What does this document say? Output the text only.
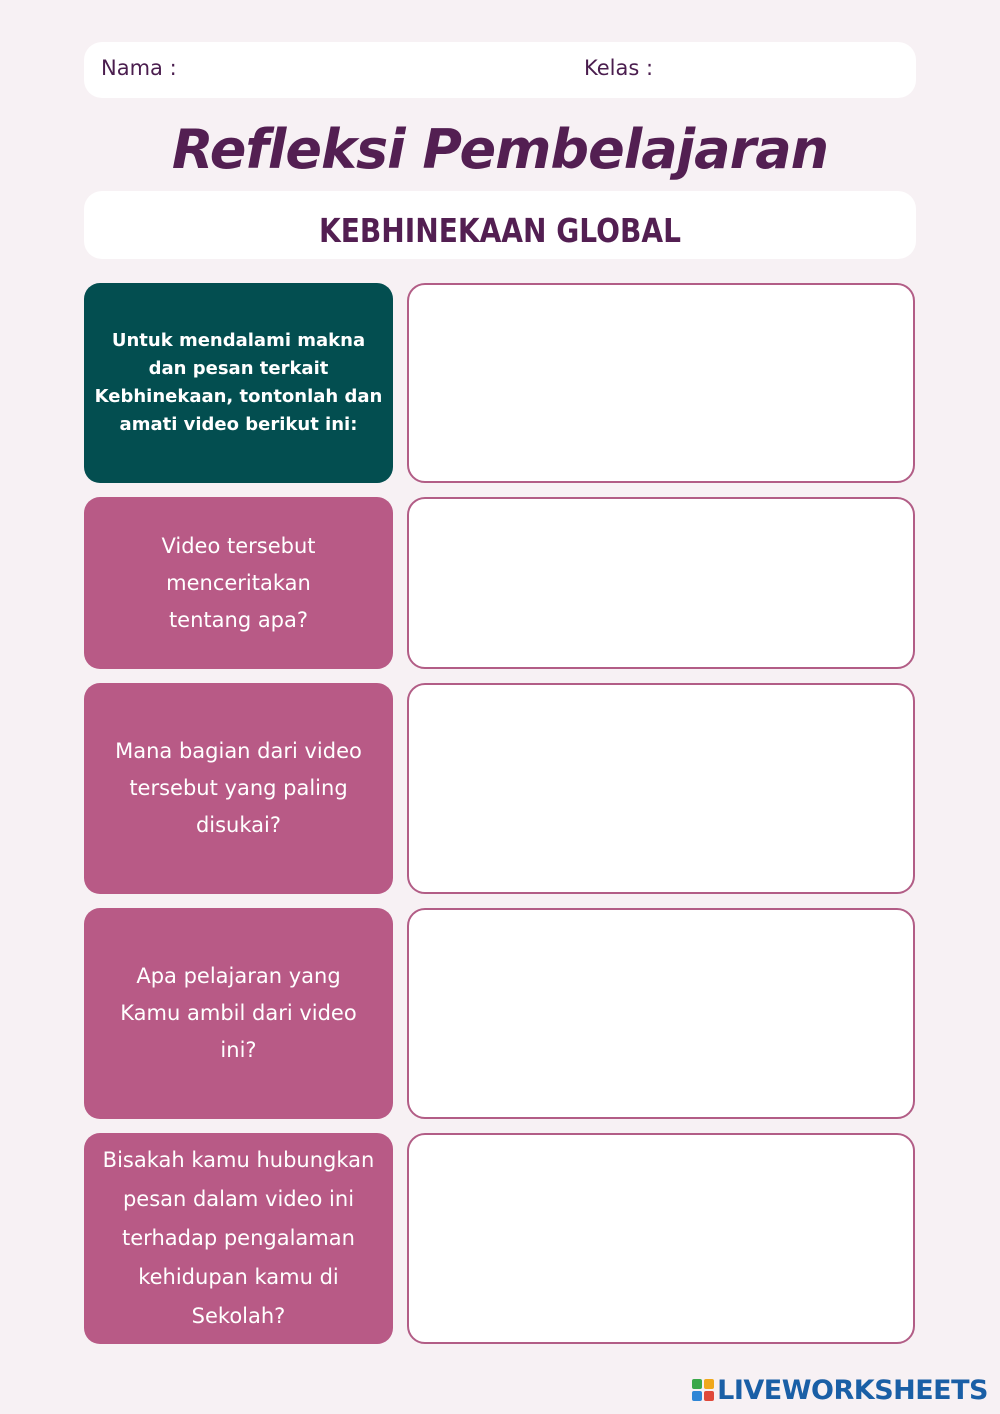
Nama :	Kelas :
Refleksi Pembelajaran
KEBHINEKAAN GLOBAL
Untuk mendalami makna
dan pesan terkait
Kebhinekaan, tontonlah dan
amati video berikut ini:
Video tersebut
menceritakan
tentang apa?
Mana bagian dari video
tersebut yang paling
disukai?
Apa pelajaran yang
Kamu ambil dari video
ini?
Bisakah kamu hubungkan
pesan dalam video ini
terhadap pengalaman
kehidupan kamu di
Sekolah?
LIVEWORKSHEETS
